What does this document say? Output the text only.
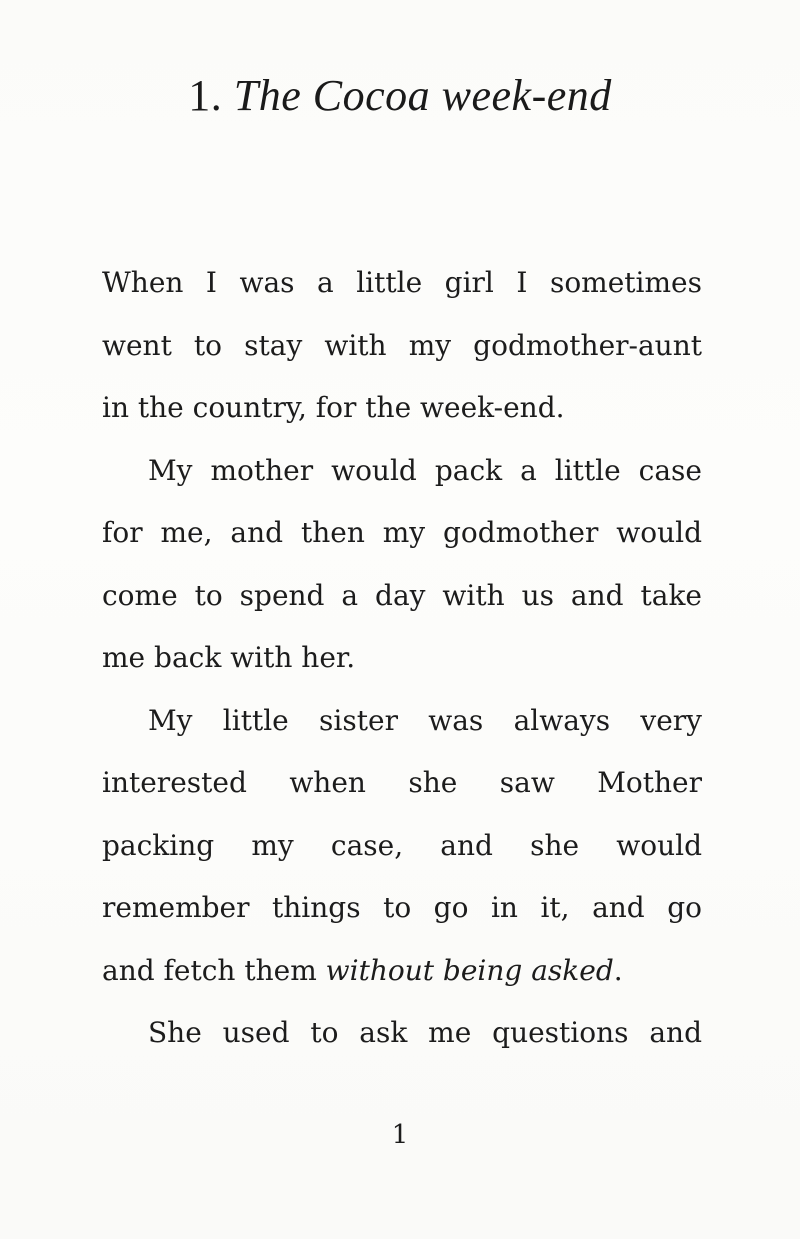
1. The Cocoa week-end
When I was a little girl I sometimes
went to stay with my godmother-aunt
in the country, for the week-end.
My mother would pack a little case
for me, and then my godmother would
come to spend a day with us and take
me back with her.
My little sister was always very
interested when she saw Mother
packing my case, and she would
remember things to go in it, and go
and fetch them without being asked.
She used to ask me questions and
1
